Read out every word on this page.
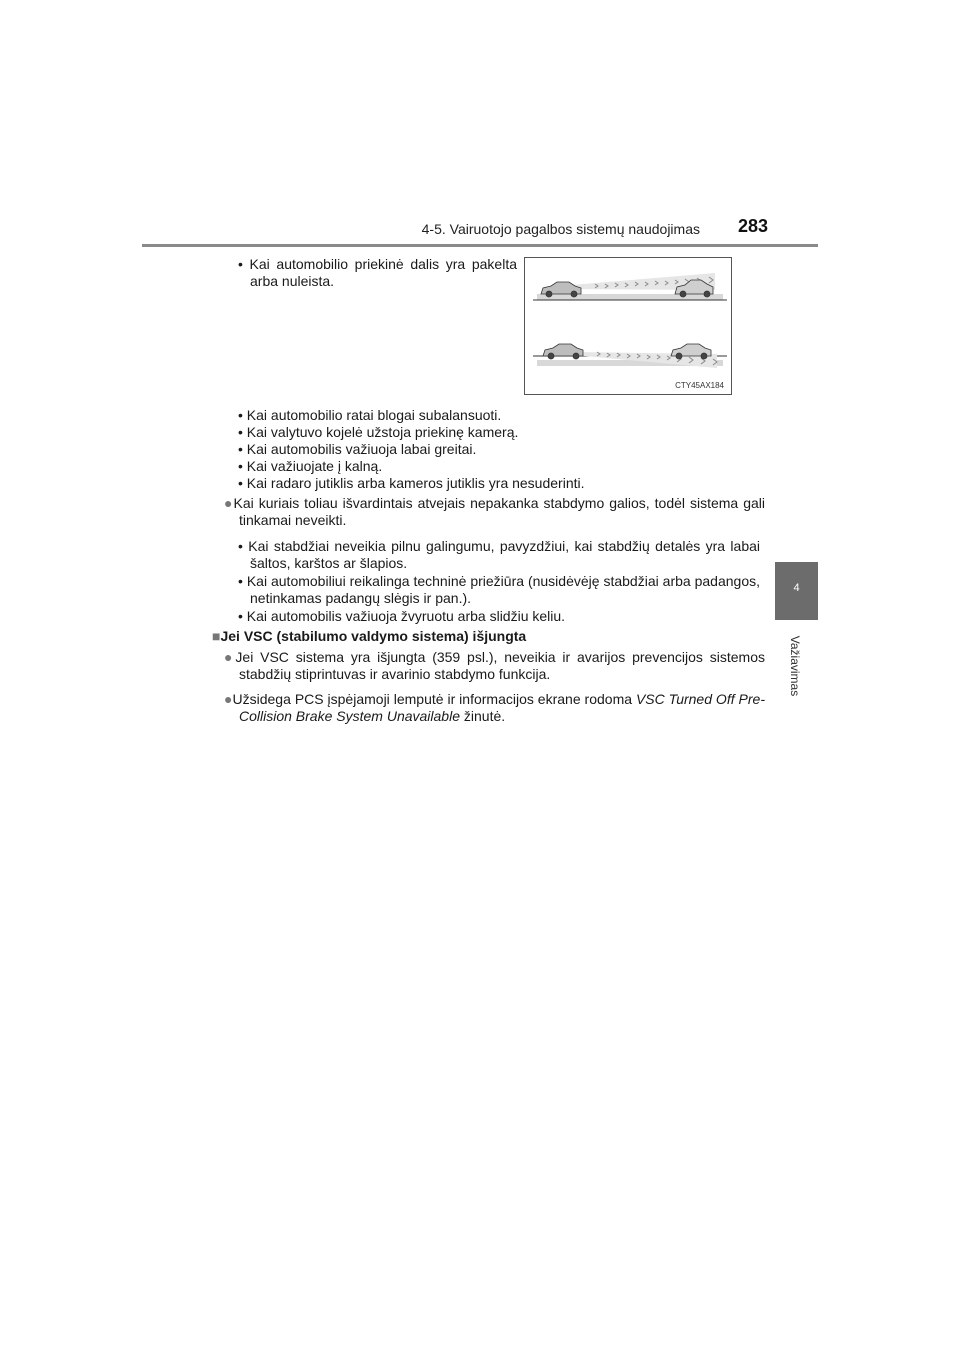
4-5. Vairuotojo pagalbos sistemų naudojimas 283
4
Važiavimas
CTY45AX184
• Kai automobilio priekinė dalis yra pakelta arba nuleista.
• Kai automobilio ratai blogai subalansuoti.
• Kai valytuvo kojelė užstoja priekinę kamerą.
• Kai automobilis važiuoja labai greitai.
• Kai važiuojate į kalną.
• Kai radaro jutiklis arba kameros jutiklis yra nesuderinti.
●Kai kuriais toliau išvardintais atvejais nepakanka stabdymo galios, todėl sistema gali tinkamai neveikti.
• Kai stabdžiai neveikia pilnu galingumu, pavyzdžiui, kai stabdžių detalės yra labai šaltos, karštos ar šlapios.
• Kai automobiliui reikalinga techninė priežiūra (nusidėvėję stabdžiai arba padangos, netinkamas padangų slėgis ir pan.).
• Kai automobilis važiuoja žvyruotu arba slidžiu keliu.
■Jei VSC (stabilumo valdymo sistema) išjungta
●Jei VSC sistema yra išjungta (359 psl.), neveikia ir avarijos prevencijos sistemos stabdžių stiprintuvas ir avarinio stabdymo funkcija.
●Užsidega PCS įspėjamoji lemputė ir informacijos ekrane rodoma VSC Turned Off Pre-Collision Brake System Unavailable žinutė.
